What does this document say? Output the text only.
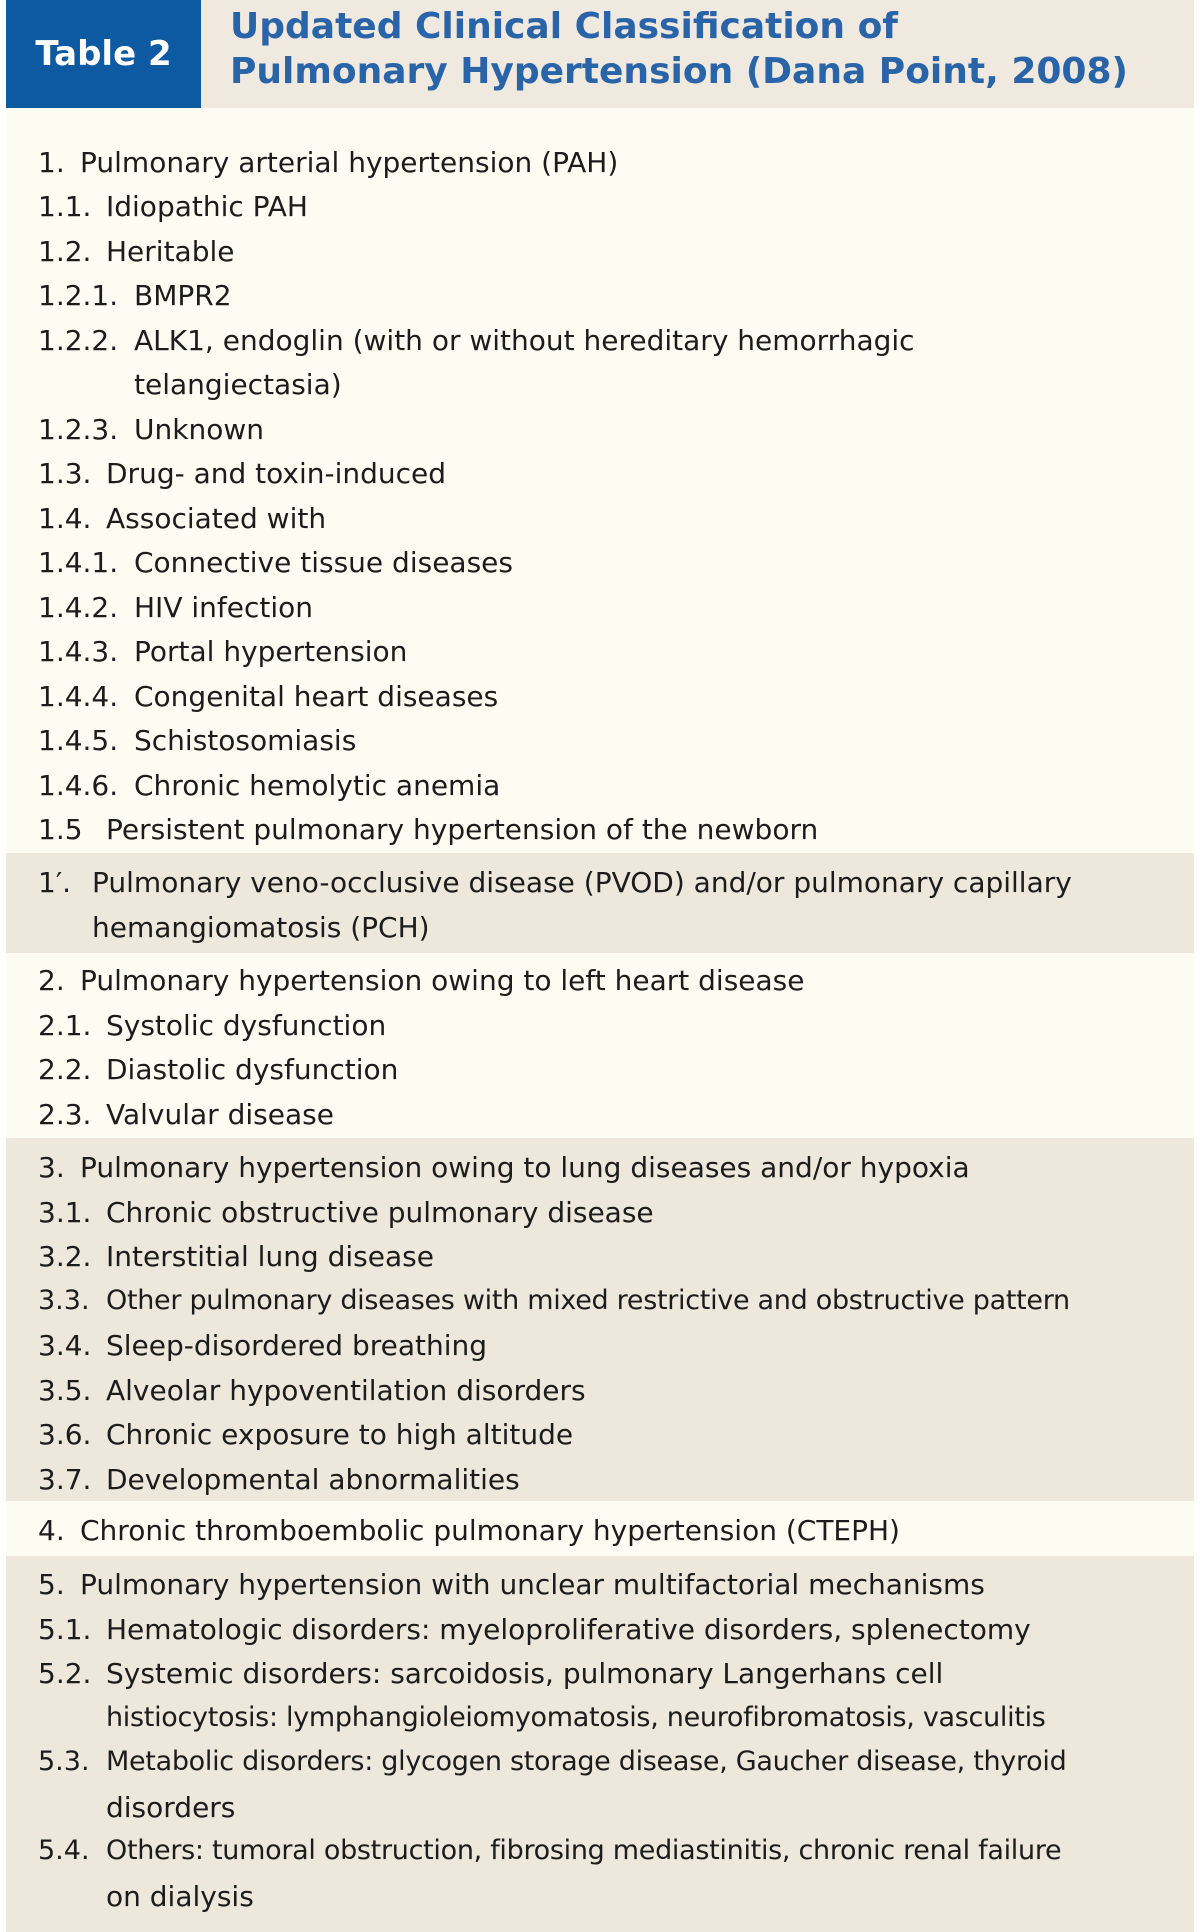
Table 2
Updated Clinical Classification of
Pulmonary Hypertension (Dana Point, 2008)
1. Pulmonary arterial hypertension (PAH)
1.1. Idiopathic PAH
1.2. Heritable
1.2.1. BMPR2
1.2.2. ALK1, endoglin (with or without hereditary hemorrhagic
telangiectasia)
1.2.3. Unknown
1.3. Drug- and toxin-induced
1.4. Associated with
1.4.1. Connective tissue diseases
1.4.2. HIV infection
1.4.3. Portal hypertension
1.4.4. Congenital heart diseases
1.4.5. Schistosomiasis
1.4.6. Chronic hemolytic anemia
1.5 Persistent pulmonary hypertension of the newborn
1′. Pulmonary veno-occlusive disease (PVOD) and/or pulmonary capillary
hemangiomatosis (PCH)
2. Pulmonary hypertension owing to left heart disease
2.1. Systolic dysfunction
2.2. Diastolic dysfunction
2.3. Valvular disease
3. Pulmonary hypertension owing to lung diseases and/or hypoxia
3.1. Chronic obstructive pulmonary disease
3.2. Interstitial lung disease
3.3. Other pulmonary diseases with mixed restrictive and obstructive pattern
3.4. Sleep-disordered breathing
3.5. Alveolar hypoventilation disorders
3.6. Chronic exposure to high altitude
3.7. Developmental abnormalities
4. Chronic thromboembolic pulmonary hypertension (CTEPH)
5. Pulmonary hypertension with unclear multifactorial mechanisms
5.1. Hematologic disorders: myeloproliferative disorders, splenectomy
5.2. Systemic disorders: sarcoidosis, pulmonary Langerhans cell
histiocytosis: lymphangioleiomyomatosis, neurofibromatosis, vasculitis
5.3. Metabolic disorders: glycogen storage disease, Gaucher disease, thyroid
disorders
5.4. Others: tumoral obstruction, fibrosing mediastinitis, chronic renal failure
on dialysis
